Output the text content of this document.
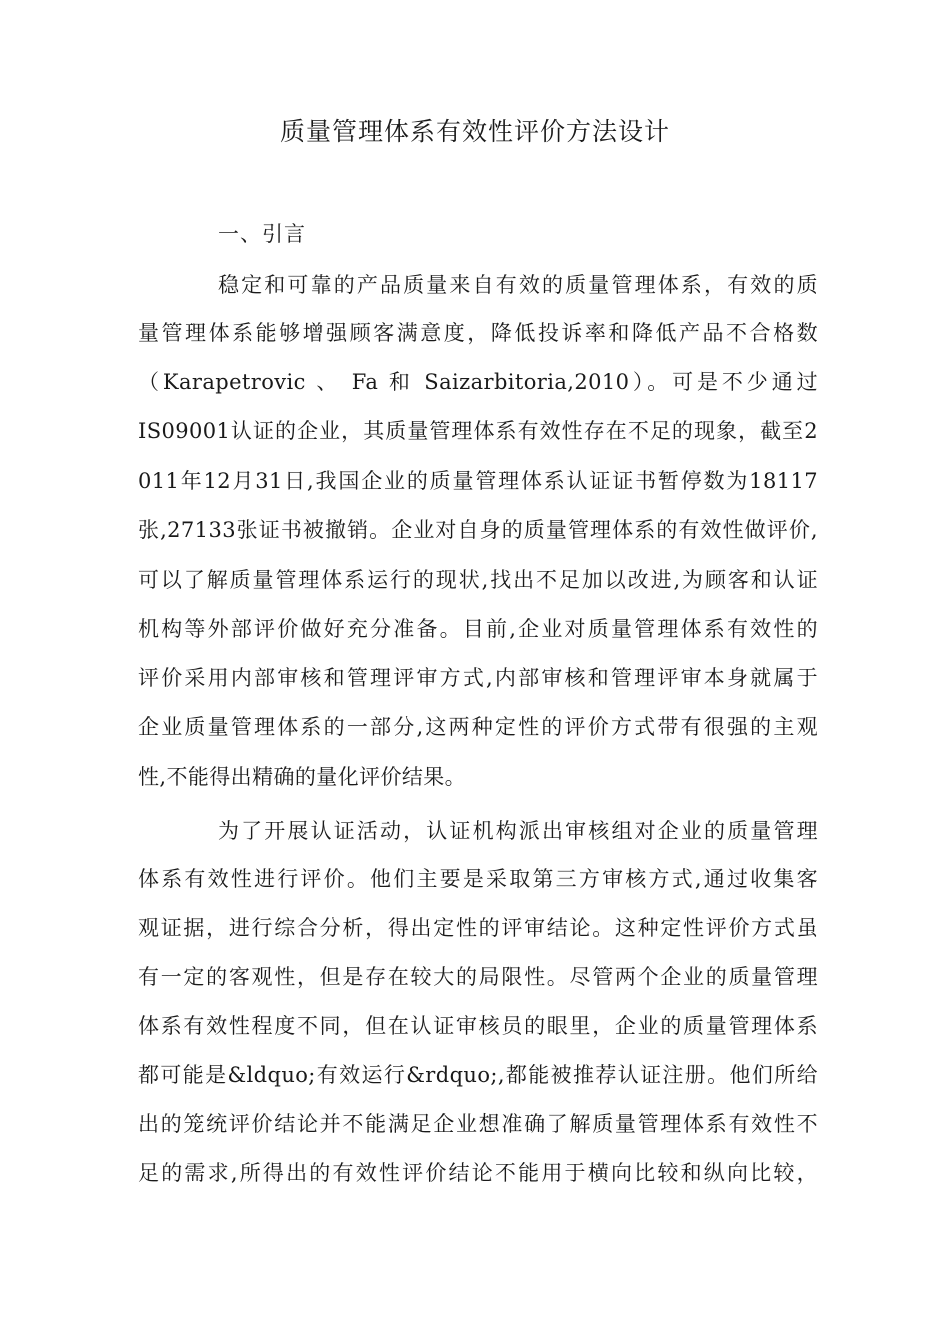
质量管理体系有效性评价方法设计
一、引言
稳定和可靠的产品质量来自有效的质量管理体系，有效的质
量管理体系能够增强顾客满意度，降低投诉率和降低产品不合格数
（Karapetrovic 、 Fa 和 Saizarbitoria,2010）。可是不少通过
IS09001认证的企业，其质量管理体系有效性存在不足的现象，截至2
011年12月31日,我国企业的质量管理体系认证证书暂停数为18117
张,27133张证书被撤销。企业对自身的质量管理体系的有效性做评价,
可以了解质量管理体系运行的现状,找出不足加以改进,为顾客和认证
机构等外部评价做好充分准备。目前,企业对质量管理体系有效性的
评价采用内部审核和管理评审方式,内部审核和管理评审本身就属于
企业质量管理体系的一部分,这两种定性的评价方式带有很强的主观
性,不能得出精确的量化评价结果。
为了开展认证活动，认证机构派出审核组对企业的质量管理
体系有效性进行评价。他们主要是采取第三方审核方式,通过收集客
观证据，进行综合分析，得出定性的评审结论。这种定性评价方式虽
有一定的客观性，但是存在较大的局限性。尽管两个企业的质量管理
体系有效性程度不同，但在认证审核员的眼里，企业的质量管理体系
都可能是&ldquo;有效运行&rdquo;,都能被推荐认证注册。他们所给
出的笼统评价结论并不能满足企业想准确了解质量管理体系有效性不
足的需求,所得出的有效性评价结论不能用于横向比较和纵向比较，
